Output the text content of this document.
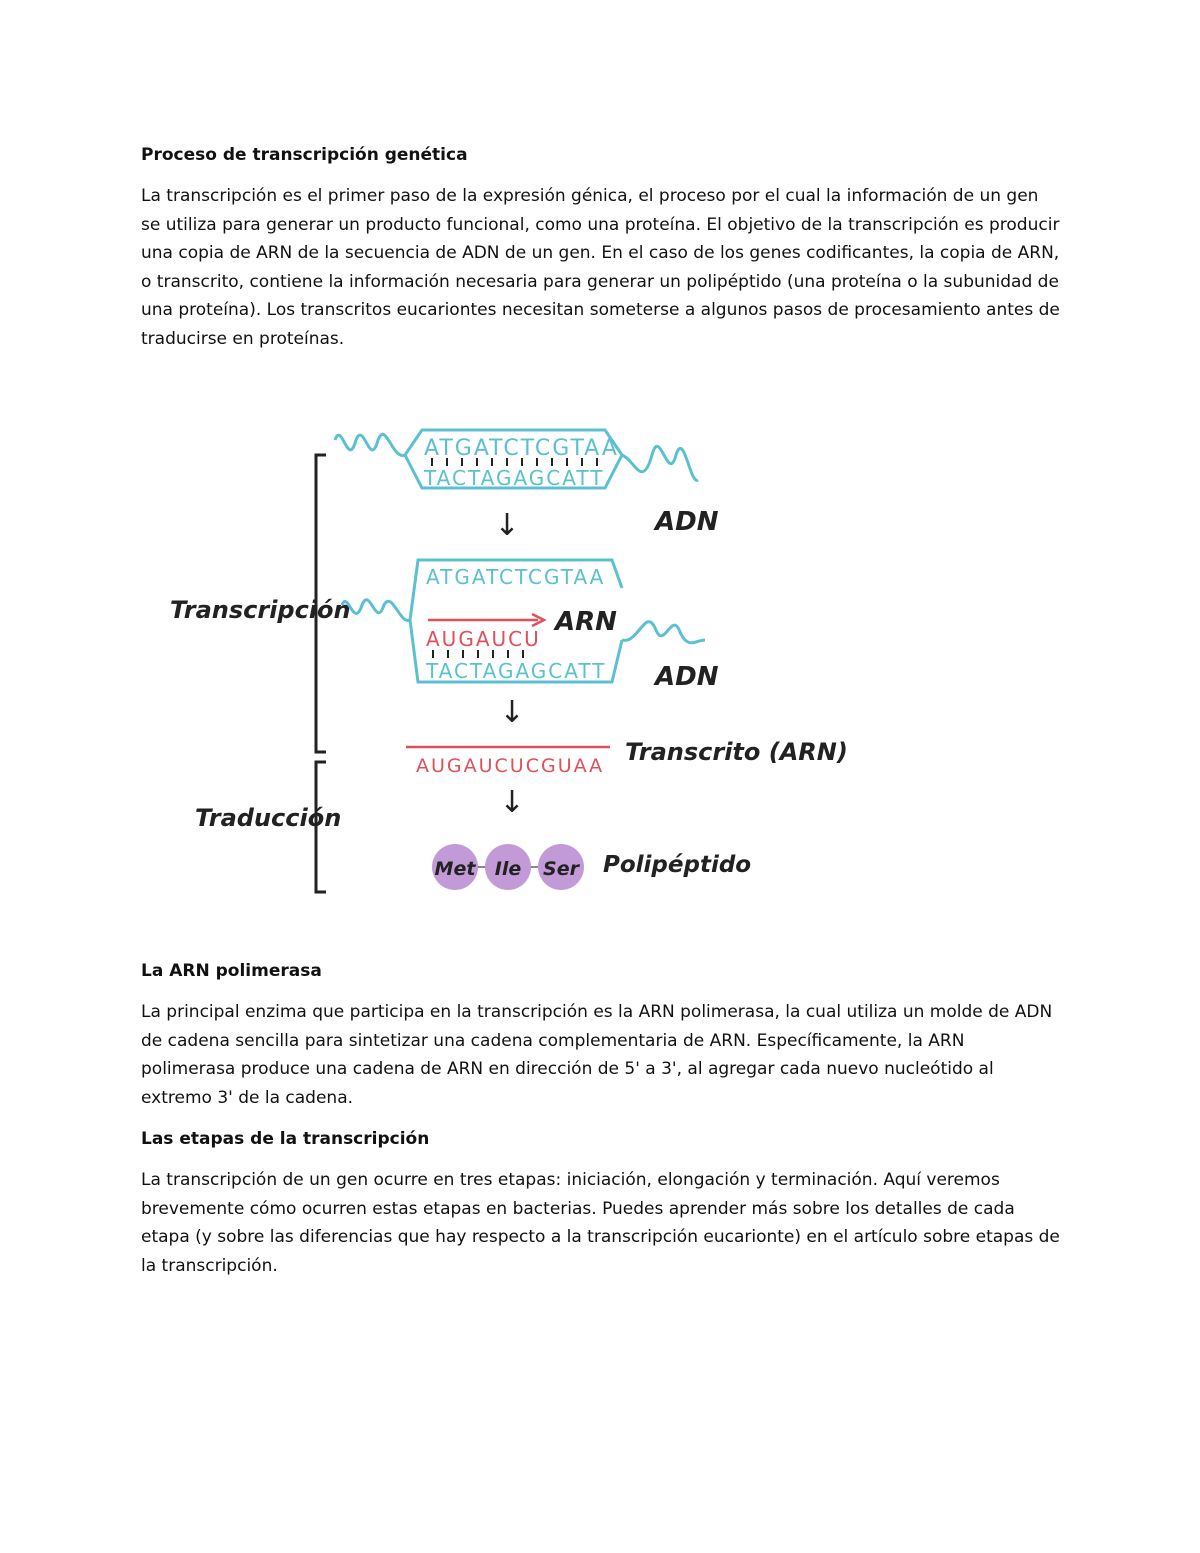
Proceso de transcripción genética

La transcripción es el primer paso de la expresión génica, el proceso por el cual la información de un gen se utiliza para generar un producto funcional, como una proteína. El objetivo de la transcripción es producir una copia de ARN de la secuencia de ADN de un gen. En el caso de los genes codificantes, la copia de ARN, o transcrito, contiene la información necesaria para generar un polipéptido (una proteína o la subunidad de una proteína). Los transcritos eucariontes necesitan someterse a algunos pasos de procesamiento antes de traducirse en proteínas.

Transcripción
Traducción
ATGATCTCGTAA
TACTAGAGCATT
↓	ADN
ATGATCTCGTAA
ARN
AUGAUCU
TACTAGAGCATT ADN
↓
AUGAUCUCGUAA Transcrito (ARN)
↓
Met Ile Ser Polipéptido
La ARN polimerasa

La principal enzima que participa en la transcripción es la ARN polimerasa, la cual utiliza un molde de ADN de cadena sencilla para sintetizar una cadena complementaria de ARN. Específicamente, la ARN polimerasa produce una cadena de ARN en dirección de 5' a 3', al agregar cada nuevo nucleótido al extremo 3' de la cadena.

Las etapas de la transcripción

La transcripción de un gen ocurre en tres etapas: iniciación, elongación y terminación. Aquí veremos brevemente cómo ocurren estas etapas en bacterias. Puedes aprender más sobre los detalles de cada etapa (y sobre las diferencias que hay respecto a la transcripción eucarionte) en el artículo sobre etapas de la transcripción.
